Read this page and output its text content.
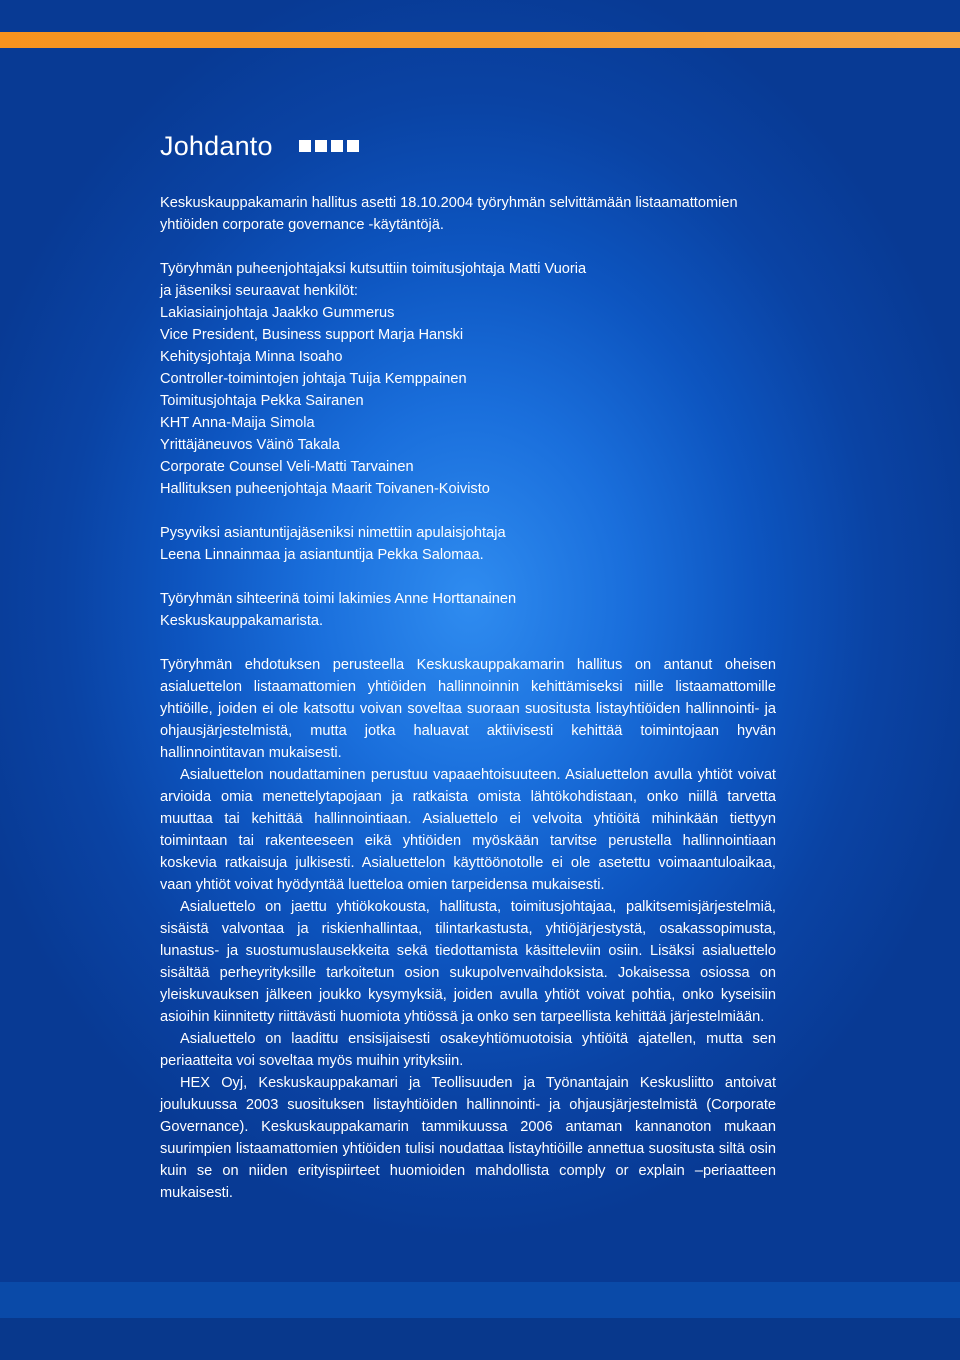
Johdanto

Keskuskauppakamarin hallitus asetti 18.10.2004 työryhmän selvittämään listaamattomien yhtiöiden corporate governance -käytäntöjä.

Työryhmän puheenjohtajaksi kutsuttiin toimitusjohtaja Matti Vuoria
ja jäseniksi seuraavat henkilöt:
Lakiasiainjohtaja Jaakko Gummerus
Vice President, Business support Marja Hanski
Kehitysjohtaja Minna Isoaho
Controller-toimintojen johtaja Tuija Kemppainen
Toimitusjohtaja Pekka Sairanen
KHT Anna-Maija Simola
Yrittäjäneuvos Väinö Takala
Corporate Counsel Veli-Matti Tarvainen
Hallituksen puheenjohtaja Maarit Toivanen-Koivisto
Pysyviksi asiantuntijajäseniksi nimettiin apulaisjohtaja
Leena Linnainmaa ja asiantuntija Pekka Salomaa.
Työryhmän sihteerinä toimi lakimies Anne Horttanainen
Keskuskauppakamarista.

Työryhmän ehdotuksen perusteella Keskuskauppakamarin hallitus on antanut oheisen asialuettelon listaamattomien yhtiöiden hallinnoinnin kehittämiseksi niille listaamattomille yhtiöille, joiden ei ole katsottu voivan soveltaa suoraan suositusta listayhtiöiden hallinnointi- ja ohjausjärjestelmistä, mutta jotka haluavat aktiivisesti kehittää toimintojaan hyvän hallinnointitavan mukaisesti.

Asialuettelon noudattaminen perustuu vapaaehtoisuuteen. Asialuettelon avulla yhtiöt voivat arvioida omia menettelytapojaan ja ratkaista omista lähtökohdistaan, onko niillä tarvetta muuttaa tai kehittää hallinnointiaan. Asialuettelo ei velvoita yhtiöitä mihinkään tiettyyn toimintaan tai rakenteeseen eikä yhtiöiden myöskään tarvitse perustella hallinnointiaan koskevia ratkaisuja julkisesti. Asialuettelon käyttöönotolle ei ole asetettu voimaantuloaikaa, vaan yhtiöt voivat hyödyntää luetteloa omien tarpeidensa mukaisesti.

Asialuettelo on jaettu yhtiökokousta, hallitusta, toimitusjohtajaa, palkitsemisjärjestelmiä, sisäistä valvontaa ja riskienhallintaa, tilintarkastusta, yhtiöjärjestystä, osakassopimusta, lunastus- ja suostumuslausekkeita sekä tiedottamista käsitteleviin osiin. Lisäksi asialuettelo sisältää perheyrityksille tarkoitetun osion sukupolvenvaihdoksista. Jokaisessa osiossa on yleiskuvauksen jälkeen joukko kysymyksiä, joiden avulla yhtiöt voivat pohtia, onko kyseisiin asioihin kiinnitetty riittävästi huomiota yhtiössä ja onko sen tarpeellista kehittää järjestelmiään.

Asialuettelo on laadittu ensisijaisesti osakeyhtiömuotoisia yhtiöitä ajatellen, mutta sen periaatteita voi soveltaa myös muihin yrityksiin.

HEX Oyj, Keskuskauppakamari ja Teollisuuden ja Työnantajain Keskusliitto antoivat joulukuussa 2003 suosituksen listayhtiöiden hallinnointi- ja ohjausjärjestelmistä (Corporate Governance). Keskuskauppakamarin tammikuussa 2006 antaman kannanoton mukaan suurimpien listaamattomien yhtiöiden tulisi noudattaa listayhtiöille annettua suositusta siltä osin kuin se on niiden erityispiirteet huomioiden mahdollista comply or explain –periaatteen mukaisesti.
